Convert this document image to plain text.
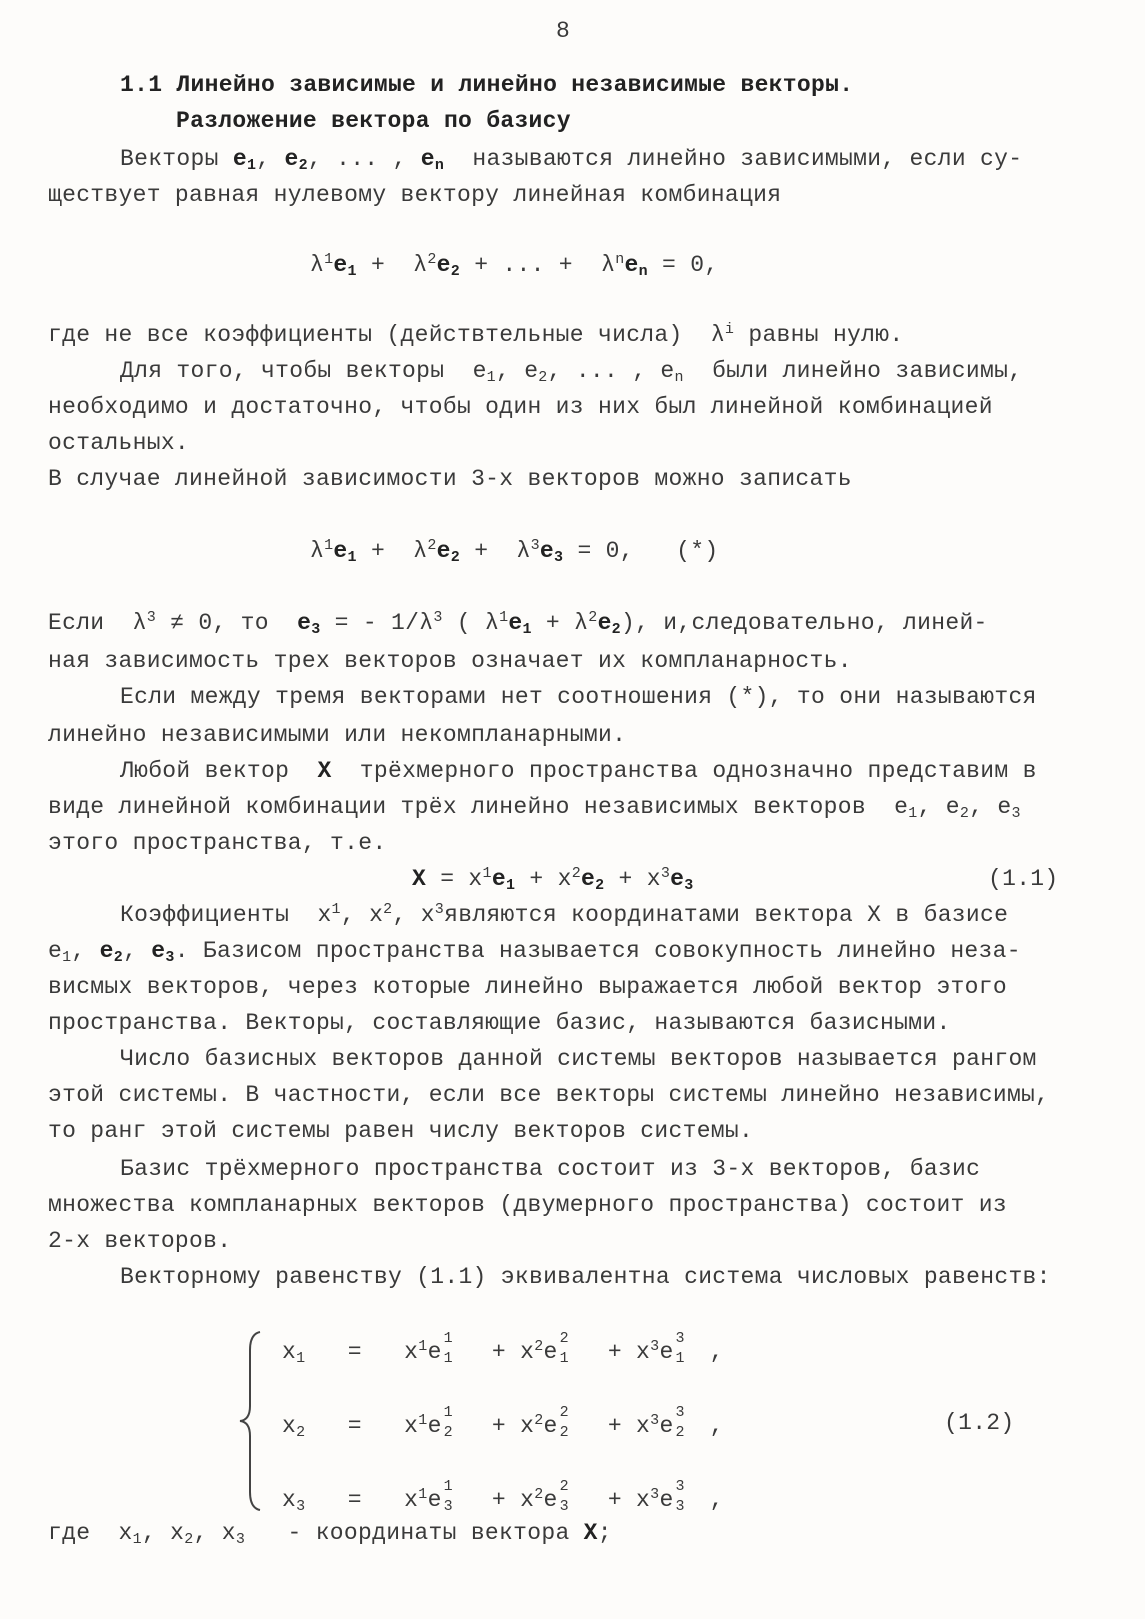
8
1.1 Линейно зависимые и линейно независимые векторы.
Разложение вектора по базису
Векторы $e_1$, $e_2$, ... , $e_n$ называются линейно зависимыми, если су-
ществует равная нулевому вектору линейная комбинация
$\lambda^1e_1 + \lambda^2e_2$ + ... +  $\lambda^ne_n = 0$,
где не все коэффициенты (действтельные числа)  $\lambda^i$ равны нулю.
Для того, чтобы векторы  $e_1$, $e_2$, ... , $e_n$ были линейно зависимы,
необходимо и достаточно, чтобы один из них был линейной комбинацией
остальных.
В случае линейной зависимости 3-х векторов можно записать
$\lambda^1e_1 + \lambda^2e_2 + \lambda^3e_3 = 0$, (*)
Если  $\lambda^3 \ne 0$, то $e_3$ = - $1/\lambda^3$ ( $\lambda^1e_1 + \lambda^2e_2$), и,следовательно, линей-
ная зависимость трех векторов означает их компланарность.
Если между тремя векторами нет соотношения (*), то они называются
линейно независимыми или некомпланарными.
Любой вектор X трёхмерного пространства однозначно представим в
виде линейной комбинации трёх линейно независимых векторов  $e_1$, $e_2$, $e_3$
этого пространства, т.е.
$X = x^1e_1 + x^2e_2 + x^3e_3$	(1.1)
Коэффициенты  $x^1$, $x^2$, $x^3являются$ координатами вектора X в базисе
$e_1$, $e_2$, $e_3$. Базисом пространства называется совокупность линейно неза-
висмых векторов, через которые линейно выражается любой вектор этого
пространства. Векторы, составляющие базис, называются базисными.
Число базисных векторов данной системы векторов называется рангом
этой системы. В частности, если все векторы системы линейно независимы,
то ранг этой системы равен числу векторов системы.
Базис трёхмерного пространства состоит из 3-х векторов, базис
множества компланарных векторов (двумерного пространства) состоит из
2-х векторов.
Векторному равенству (1.1) эквивалентна система числовых равенств:
$x_1 = x^1e$
1
$1 + x^2e$
2
$1 + x^3e$
3
1 ,
$x_2 = x^1e$
1
$2 + x^2e$
2
$2 + x^3e$
3
2 ,	(1.2)
$x_3 = x^1e$
1
$3 + x^2e$
2
$3 + x^3e$
3
3 ,
где  $x_1$, $x_2$, $x_3$ - координаты вектора X;
